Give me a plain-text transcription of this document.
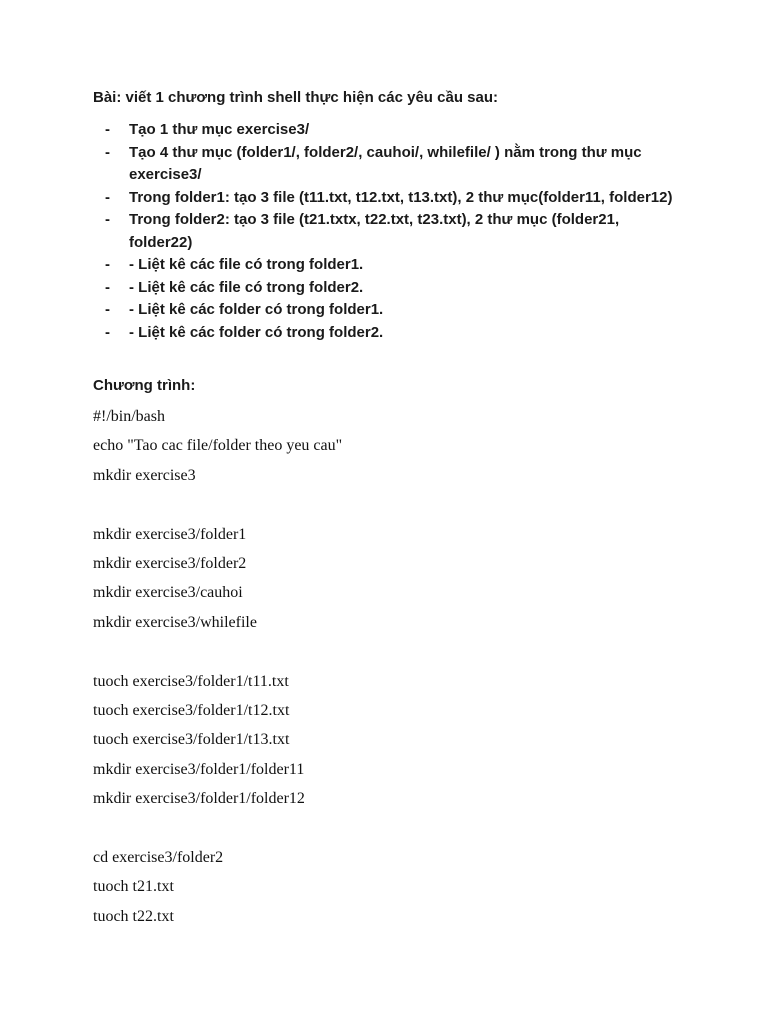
Bài: viết 1 chương trình shell thực hiện các yêu cầu sau:
- Tạo 1 thư mục exercise3/
- Tạo 4 thư mục (folder1/, folder2/, cauhoi/, whilefile/ ) nằm trong thư mục exercise3/
- Trong folder1: tạo 3 file (t11.txt, t12.txt, t13.txt), 2 thư mục(folder11, folder12)
- Trong folder2: tạo 3 file (t21.txtx, t22.txt, t23.txt), 2 thư mục (folder21, folder22)
- - Liệt kê các file có trong folder1.
- - Liệt kê các file có trong folder2.
- - Liệt kê các folder có trong folder1.
- - Liệt kê các folder có trong folder2.
Chương trình:
#!/bin/bash
echo "Tao cac file/folder theo yeu cau"
mkdir exercise3
mkdir exercise3/folder1
mkdir exercise3/folder2
mkdir exercise3/cauhoi
mkdir exercise3/whilefile
tuoch exercise3/folder1/t11.txt
tuoch exercise3/folder1/t12.txt
tuoch exercise3/folder1/t13.txt
mkdir exercise3/folder1/folder11
mkdir exercise3/folder1/folder12
cd exercise3/folder2
tuoch t21.txt
tuoch t22.txt
